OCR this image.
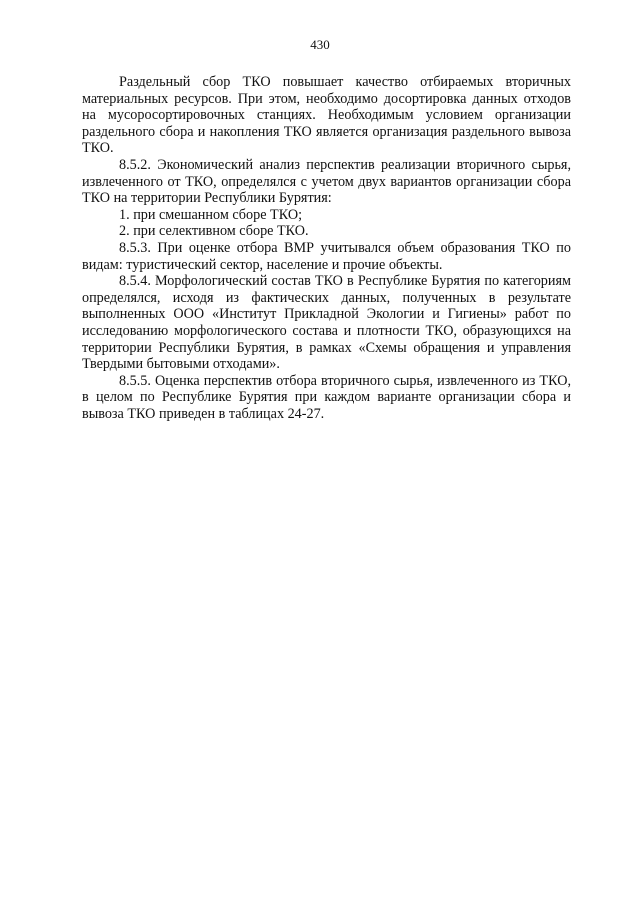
430

Раздельный сбор ТКО повышает качество отбираемых вторичных материальных ресурсов. При этом, необходимо досортировка данных отходов на мусоросортировочных станциях. Необходимым условием организации раздельного сбора и накопления ТКО является организация раздельного вывоза ТКО.

8.5.2. Экономический анализ перспектив реализации вторичного сырья, извлеченного от ТКО, определялся с учетом двух вариантов организации сбора ТКО на территории Республики Бурятия:

1. при смешанном сборе ТКО;

2. при селективном сборе ТКО.

8.5.3. При оценке отбора ВМР учитывался объем образования ТКО по видам: туристический сектор, население и прочие объекты.

8.5.4. Морфологический состав ТКО в Республике Бурятия по категориям определялся, исходя из фактических данных, полученных в результате выполненных ООО «Институт Прикладной Экологии и Гигиены» работ по исследованию морфологического состава и плотности ТКО, образующихся на территории Республики Бурятия, в рамках «Схемы обращения и управления Твердыми бытовыми отходами».

8.5.5. Оценка перспектив отбора вторичного сырья, извлеченного из ТКО, в целом по Республике Бурятия при каждом варианте организации сбора и вывоза ТКО приведен в таблицах 24-27.
